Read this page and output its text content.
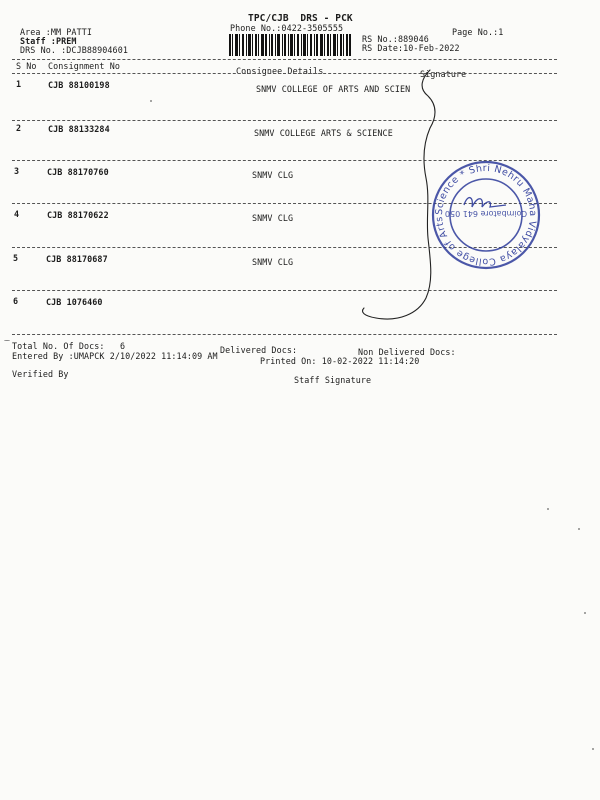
TPC/CJB  DRS - PCK
Phone No.:0422-3505555
Area :MM PATTI
Staff :PREM
DRS No. :DCJB88904601
Page No.:1
RS No.:889046
RS Date:10-Feb-2022
S No Consignment No	Consignee Details	Signature
1	CJB 88100198	SNMV COLLEGE OF ARTS AND SCIEN
2	CJB 88133284	SNMV COLLEGE ARTS & SCIENCE
3	CJB 88170760	SNMV CLG
4	CJB 88170622	SNMV CLG
5	CJB 88170687	SNMV CLG
6	CJB 1076460
Total No. Of Docs:   6	Delivered Docs:	Non Delivered Docs:
Entered By :UMAPCK 2/10/2022 11:14:09 AM	Printed On: 10-02-2022 11:14:20
Verified By
Staff Signature
Science * Shri Nehru Maha Vidyalaya College of Arts
Coimbatore 641 050
